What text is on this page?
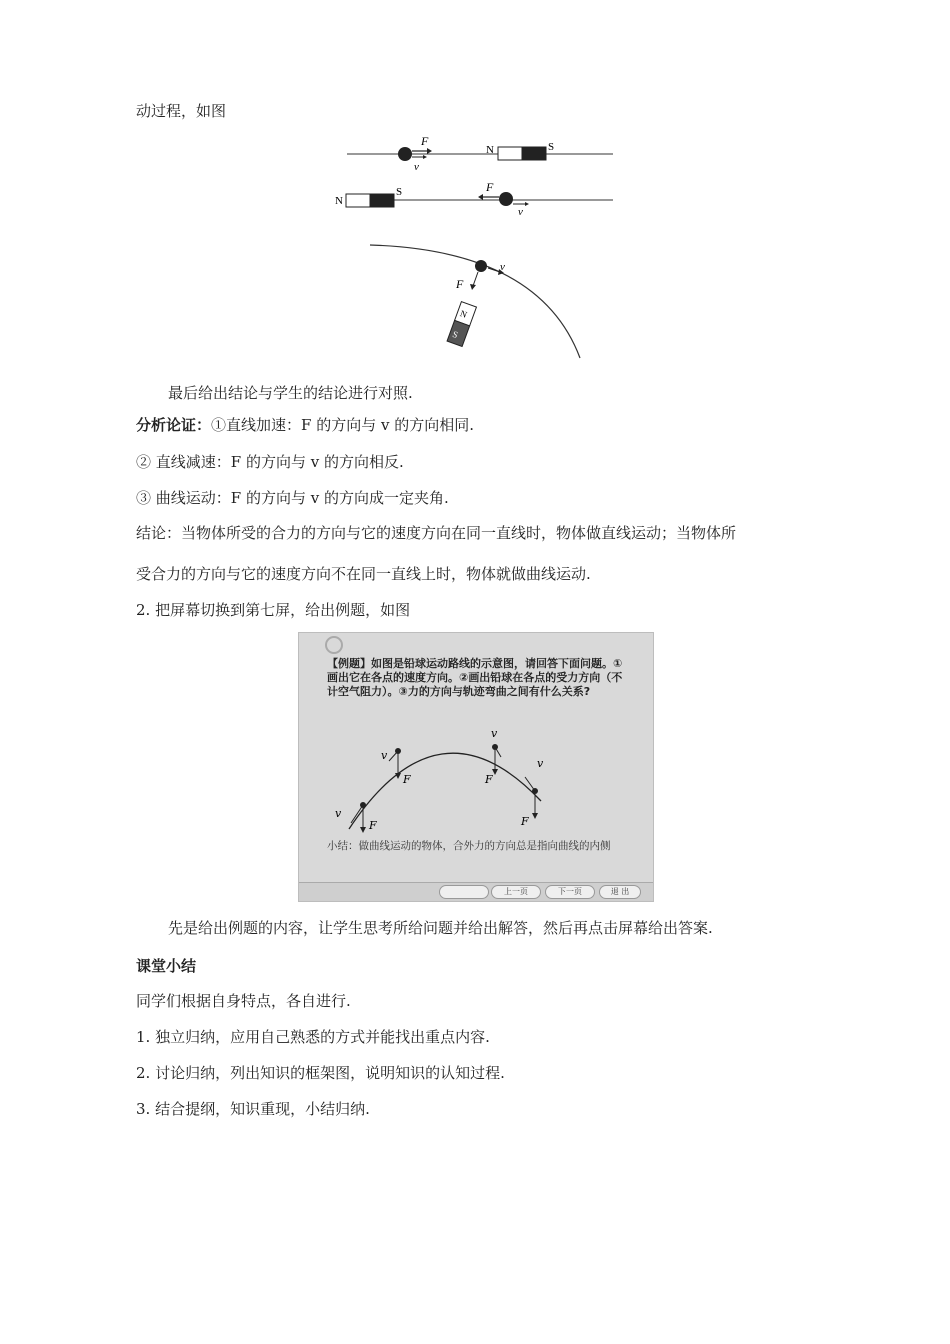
动过程，如图
F
v
N	S
N
S	F
v
v
F
N
S
最后给出结论与学生的结论进行对照.
分析论证：①直线加速：F 的方向与 v 的方向相同.
② 直线减速：F 的方向与 v 的方向相反.
③ 曲线运动：F 的方向与 v 的方向成一定夹角.
结论：当物体所受的合力的方向与它的速度方向在同一直线时，物体做直线运动；当物体所
受合力的方向与它的速度方向不在同一直线上时，物体就做曲线运动.
2. 把屏幕切换到第七屏，给出例题，如图
【例题】如图是铅球运动路线的示意图，请回答下面问题。①画出它在各点的速度方向。②画出铅球在各点的受力方向（不计空气阻力）。③力的方向与轨迹弯曲之间有什么关系?
v
v
v
v
F
F	F
F
小结：做曲线运动的物体，合外力的方向总是指向曲线的内侧
上一页	下一页	退 出
先是给出例题的内容，让学生思考所给问题并给出解答，然后再点击屏幕给出答案.
课堂小结
同学们根据自身特点，各自进行.
1. 独立归纳，应用自己熟悉的方式并能找出重点内容.
2. 讨论归纳，列出知识的框架图，说明知识的认知过程.
3. 结合提纲，知识重现，小结归纳.
